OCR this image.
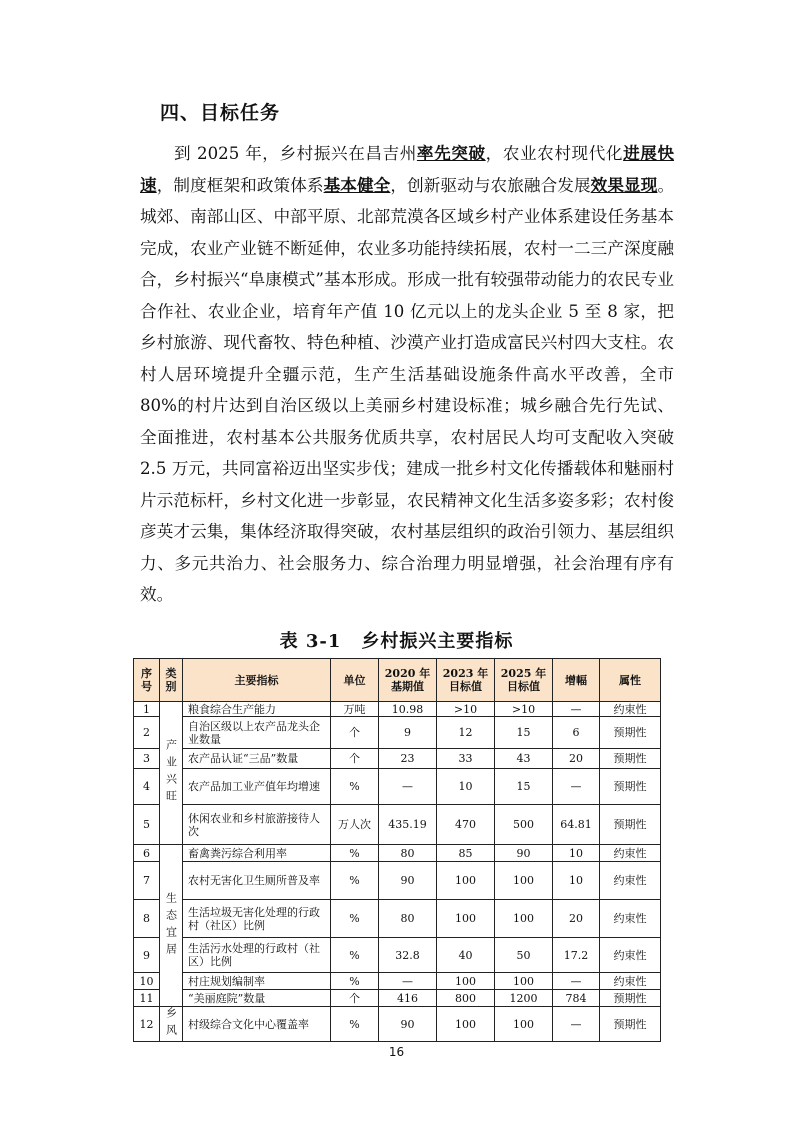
四、目标任务

到 2025 年，乡村振兴在昌吉州率先突破，农业农村现代化进展快速，制度框架和政策体系基本健全，创新驱动与农旅融合发展效果显现。城郊、南部山区、中部平原、北部荒漠各区域乡村产业体系建设任务基本完成，农业产业链不断延伸，农业多功能持续拓展，农村一二三产深度融合，乡村振兴“阜康模式”基本形成。形成一批有较强带动能力的农民专业合作社、农业企业，培育年产值 10 亿元以上的龙头企业 5 至 8 家，把乡村旅游、现代畜牧、特色种植、沙漠产业打造成富民兴村四大支柱。农村人居环境提升全疆示范，生产生活基础设施条件高水平改善，全市 80%的村片达到自治区级以上美丽乡村建设标准；城乡融合先行先试、全面推进，农村基本公共服务优质共享，农村居民人均可支配收入突破 2.5 万元，共同富裕迈出坚实步伐；建成一批乡村文化传播载体和魅丽村片示范标杆，乡村文化进一步彰显，农民精神文化生活多姿多彩；农村俊彦英才云集，集体经济取得突破，农村基层组织的政治引领力、基层组织力、多元共治力、社会服务力、综合治理力明显增强，社会治理有序有效。

表 3-1 乡村振兴主要指标
序号	类别	主要指标	单位	2020 年基期值	2023 年目标值	2025 年目标值	增幅	属性
1	产业兴旺	粮食综合生产能力	万吨	10.98	>10	>10	—	约束性
2		自治区级以上农产品龙头企业数量	个	9	12	15	6	预期性
3		农产品认证“三品”数量	个	23	33	43	20	预期性
4		农产品加工业产值年均增速	%	—	10	15	—	预期性
5		休闲农业和乡村旅游接待人次	万人次	435.19	470	500	64.81	预期性
6	生态宜居	畜禽粪污综合利用率	%	80	85	90	10	约束性
7		农村无害化卫生厕所普及率	%	90	100	100	10	约束性
8		生活垃圾无害化处理的行政村（社区）比例	%	80	100	100	20	约束性
9		生活污水处理的行政村（社区）比例	%	32.8	40	50	17.2	约束性
10		村庄规划编制率	%	—	100	100	—	约束性
11		“美丽庭院”数量	个	416	800	1200	784	预期性
12	乡风	村级综合文化中心覆盖率	%	90	100	100	—	预期性
16
